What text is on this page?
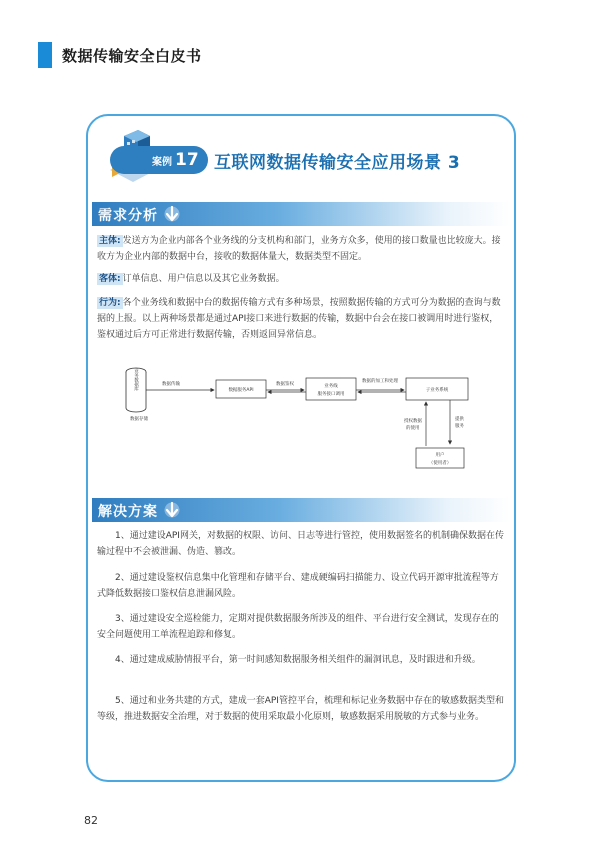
数据传输安全白皮书
案例 17 互联网数据传输安全应用场景 3
需求分析
主体: 发送方为企业内部各个业务线的分支机构和部门，业务方众多，使用的接口数量也比较庞大。接收方为企业内部的数据中台，接收的数据体量大，数据类型不固定。
客体: 订单信息、用户信息以及其它业务数据。
行为: 各个业务线和数据中台的数据传输方式有多种场景，按照数据传输的方式可分为数据的查询与数据的上报。以上两种场景都是通过API接口来进行数据的传输，数据中台会在接口被调用时进行鉴权，鉴权通过后方可正常进行数据传输，否则返回异常信息。
业务数据库
数据存储
数据传输
数据服务API
数据鉴权	业务线
服务接口调用
数据的加工和处理
子业务系统
授权数据
的使用
提供
服务
用户
（使用者）
解决方案
1、通过建设API网关，对数据的权限、访问、日志等进行管控，使用数据签名的机制确保数据在传输过程中不会被泄漏、伪造、篡改。
2、通过建设鉴权信息集中化管理和存储平台、建成硬编码扫描能力、设立代码开源审批流程等方式降低数据接口鉴权信息泄漏风险。
3、通过建设安全巡检能力，定期对提供数据服务所涉及的组件、平台进行安全测试，发现存在的安全问题使用工单流程追踪和修复。
4、通过建成威胁情报平台，第一时间感知数据服务相关组件的漏洞讯息，及时跟进和升级。
5、通过和业务共建的方式，建成一套API管控平台，梳理和标记业务数据中存在的敏感数据类型和等级，推进数据安全治理，对于数据的使用采取最小化原则，敏感数据采用脱敏的方式参与业务。
82
